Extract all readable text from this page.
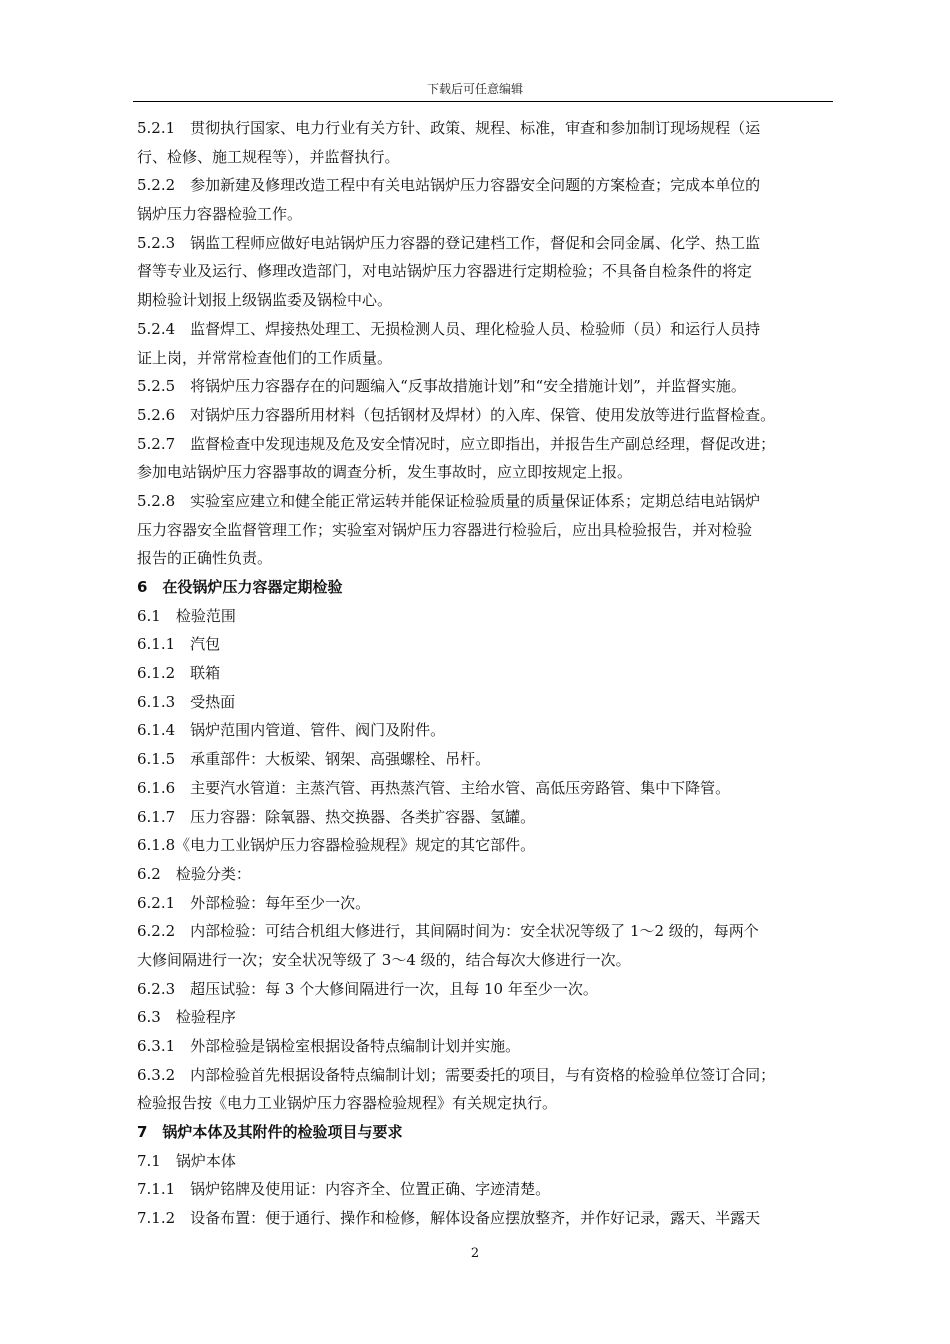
下载后可任意编辑
5.2.1　贯彻执行国家、电力行业有关方针、政策、规程、标准，审查和参加制订现场规程（运
行、检修、施工规程等），并监督执行。
5.2.2　参加新建及修理改造工程中有关电站锅炉压力容器安全问题的方案检查；完成本单位的
锅炉压力容器检验工作。
5.2.3　锅监工程师应做好电站锅炉压力容器的登记建档工作，督促和会同金属、化学、热工监
督等专业及运行、修理改造部门，对电站锅炉压力容器进行定期检验；不具备自检条件的将定
期检验计划报上级锅监委及锅检中心。
5.2.4　监督焊工、焊接热处理工、无损检测人员、理化检验人员、检验师（员）和运行人员持
证上岗，并常常检查他们的工作质量。
5.2.5　将锅炉压力容器存在的问题编入“反事故措施计划”和“安全措施计划”，并监督实施。
5.2.6　对锅炉压力容器所用材料（包括钢材及焊材）的入库、保管、使用发放等进行监督检查。
5.2.7　监督检查中发现违规及危及安全情况时，应立即指出，并报告生产副总经理，督促改进；
参加电站锅炉压力容器事故的调查分析，发生事故时，应立即按规定上报。
5.2.8　实验室应建立和健全能正常运转并能保证检验质量的质量保证体系；定期总结电站锅炉
压力容器安全监督管理工作；实验室对锅炉压力容器进行检验后，应出具检验报告，并对检验
报告的正确性负责。
6　在役锅炉压力容器定期检验
6.1　检验范围
6.1.1　汽包
6.1.2　联箱
6.1.3　受热面
6.1.4　锅炉范围内管道、管件、阀门及附件。
6.1.5　承重部件：大板梁、钢架、高强螺栓、吊杆。
6.1.6　主要汽水管道：主蒸汽管、再热蒸汽管、主给水管、高低压旁路管、集中下降管。
6.1.7　压力容器：除氧器、热交换器、各类扩容器、氢罐。
6.1.8《电力工业锅炉压力容器检验规程》规定的其它部件。
6.2　检验分类：
6.2.1　外部检验：每年至少一次。
6.2.2　内部检验：可结合机组大修进行，其间隔时间为：安全状况等级了 1～2 级的，每两个
大修间隔进行一次；安全状况等级了 3～4 级的，结合每次大修进行一次。
6.2.3　超压试验：每 3 个大修间隔进行一次，且每 10 年至少一次。
6.3　检验程序
6.3.1　外部检验是锅检室根据设备特点编制计划并实施。
6.3.2　内部检验首先根据设备特点编制计划；需要委托的项目，与有资格的检验单位签订合同；
检验报告按《电力工业锅炉压力容器检验规程》有关规定执行。
7　锅炉本体及其附件的检验项目与要求
7.1　锅炉本体
7.1.1　锅炉铭牌及使用证：内容齐全、位置正确、字迹清楚。
7.1.2　设备布置：便于通行、操作和检修，解体设备应摆放整齐，并作好记录，露天、半露天
2
